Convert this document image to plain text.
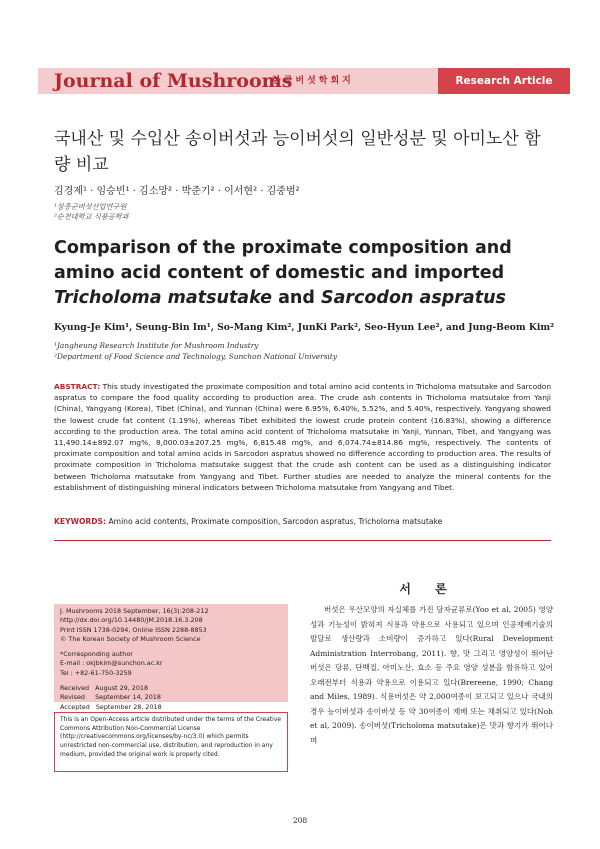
Journal of Mushrooms
한국버섯학회지	Research Article
국내산 및 수입산 송이버섯과 능이버섯의 일반성분 및 아미노산 함량 비교
김경제¹ · 임승빈¹ · 김소망² · 박준기² · 이서현² · 김중범²
¹장흥군버섯산업연구원
²순천대학교 식품공학과
Comparison of the proximate composition and amino acid content of domestic and imported Tricholoma matsutake and Sarcodon aspratus
Kyung-Je Kim¹, Seung-Bin Im¹, So-Mang Kim², JunKi Park², Seo-Hyun Lee², and Jung-Beom Kim²
¹Jangheung Research Institute for Mushroom Industry
²Department of Food Science and Technology, Sunchon National University
ABSTRACT: This study investigated the proximate composition and total amino acid contents in Tricholoma matsutake and Sarcodon aspratus to compare the food quality according to production area. The crude ash contents in Tricholoma matsutake from Yanji (China), Yangyang (Korea), Tibet (China), and Yunnan (China) were 6.95%, 6.40%, 5.52%, and 5.40%, respectively. Yangyang showed the lowest crude fat content (1.19%), whereas Tibet exhibited the lowest crude protein content (16.83%), showing a difference according to the production area. The total amino acid content of Tricholoma matsutake in Yanji, Yunnan, Tibet, and Yangyang was 11,490.14±892.07 mg%, 8,000.03±207.25 mg%, 6,815.48 mg%, and 6,074.74±814.86 mg%, respectively. The contents of proximate composition and total amino acids in Sarcodon aspratus showed no difference according to production area. The results of proximate composition in Tricholoma matsutake suggest that the crude ash content can be used as a distinguishing indicator between Tricholoma matsutake from Yangyang and Tibet. Further studies are needed to analyze the mineral contents for the establishment of distinguishing mineral indicators between Tricholoma matsutake from Yangyang and Tibet.
KEYWORDS: Amino acid contents, Proximate composition, Sarcodon aspratus, Tricholoma matsutake
J. Mushrooms 2018 September, 16(3):208-212
http://dx.doi.org/10.14480/JM.2018.16.3.208
Print ISSN 1738-0294, Online ISSN 2288-8853
© The Korean Society of Mushroom Science
*Corresponding author
E-mail : okjbkim@sunchon.ac.kr
Tel : +82-61-750-3259
Received   August 29, 2018
Revised     September 14, 2018
Accepted   September 28, 2018
This is an Open-Access article distributed under the terms of the Creative Commons Attribution Non-Commercial License (http://creativecommons.org/licenses/by-nc/3.0) which permits unrestricted non-commercial use, distribution, and reproduction in any medium, provided the original work is properly cited.
서 론
버섯은 우산모양의 자실체를 가진 담자균류로(Yoo et al, 2005) 영양성과 기능성이 밝혀져 식용과 약용으로 사용되고 있으며 인공재배기술의 발달로 생산량과 소비량이 증가하고 있다(Rural Development Administration Interrobang, 2011). 향, 맛 그리고 영양성이 뛰어난 버섯은 당류, 단백질, 아미노산, 효소 등 주요 영양 성분을 함유하고 있어 오래전부터 식용과 약용으로 이용되고 있다(Brereene, 1990; Chang and Miles, 1989). 식용버섯은 약 2,000여종이 보고되고 있으나 국내의 경우 능이버섯과 송이버섯 등 약 30여종이 재배 또는 채취되고 있다(Noh et al, 2009). 송이버섯(Tricholoma matsutake)은 맛과 향기가 뛰어나며
208
